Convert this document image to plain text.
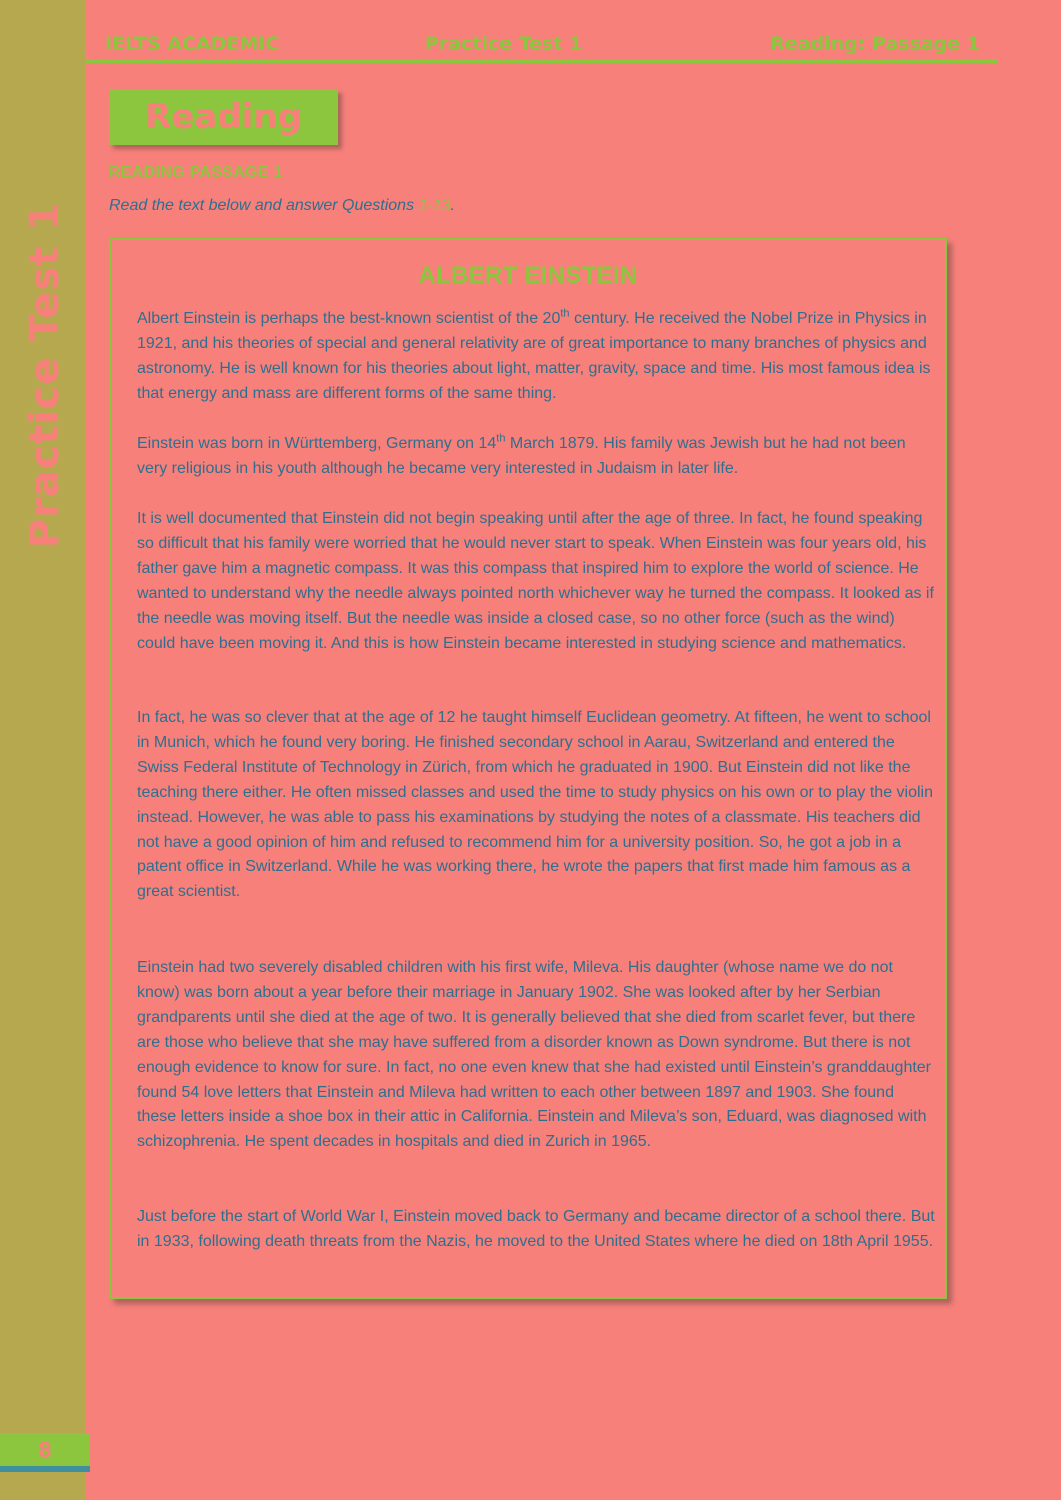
Practice Test 1
8
IELTS ACADEMIC	Practice Test 1	Reading: Passage 1
Reading
READING PASSAGE 1
Read the text below and answer Questions 1-13.
ALBERT EINSTEIN

Albert Einstein is perhaps the best-known scientist of the 20th century. He received the Nobel Prize in Physics in 1921, and his theories of special and general relativity are of great importance to many branches of physics and astronomy. He is well known for his theories about light, matter, gravity, space and time. His most famous idea is that energy and mass are different forms of the same thing.

Einstein was born in Württemberg, Germany on 14th March 1879. His family was Jewish but he had not been very religious in his youth although he became very interested in Judaism in later life.

It is well documented that Einstein did not begin speaking until after the age of three. In fact, he found speaking so difficult that his family were worried that he would never start to speak. When Einstein was four years old, his father gave him a magnetic compass. It was this compass that inspired him to explore the world of science. He wanted to understand why the needle always pointed north whichever way he turned the compass. It looked as if the needle was moving itself. But the needle was inside a closed case, so no other force (such as the wind) could have been moving it. And this is how Einstein became interested in studying science and mathematics.

In fact, he was so clever that at the age of 12 he taught himself Euclidean geometry. At fifteen, he went to school in Munich, which he found very boring. He finished secondary school in Aarau, Switzerland and entered the Swiss Federal Institute of Technology in Zürich, from which he graduated in 1900. But Einstein did not like the teaching there either. He often missed classes and used the time to study physics on his own or to play the violin instead. However, he was able to pass his examinations by studying the notes of a classmate. His teachers did not have a good opinion of him and refused to recommend him for a university position. So, he got a job in a patent office in Switzerland. While he was working there, he wrote the papers that first made him famous as a great scientist.

Einstein had two severely disabled children with his first wife, Mileva. His daughter (whose name we do not know) was born about a year before their marriage in January 1902. She was looked after by her Serbian grandparents until she died at the age of two. It is generally believed that she died from scarlet fever, but there are those who believe that she may have suffered from a disorder known as Down syndrome. But there is not enough evidence to know for sure. In fact, no one even knew that she had existed until Einstein’s granddaughter found 54 love letters that Einstein and Mileva had written to each other between 1897 and 1903. She found these letters inside a shoe box in their attic in California. Einstein and Mileva’s son, Eduard, was diagnosed with schizophrenia. He spent decades in hospitals and died in Zurich in 1965.

Just before the start of World War I, Einstein moved back to Germany and became director of a school there. But in 1933, following death threats from the Nazis, he moved to the United States where he died on 18th April 1955.
